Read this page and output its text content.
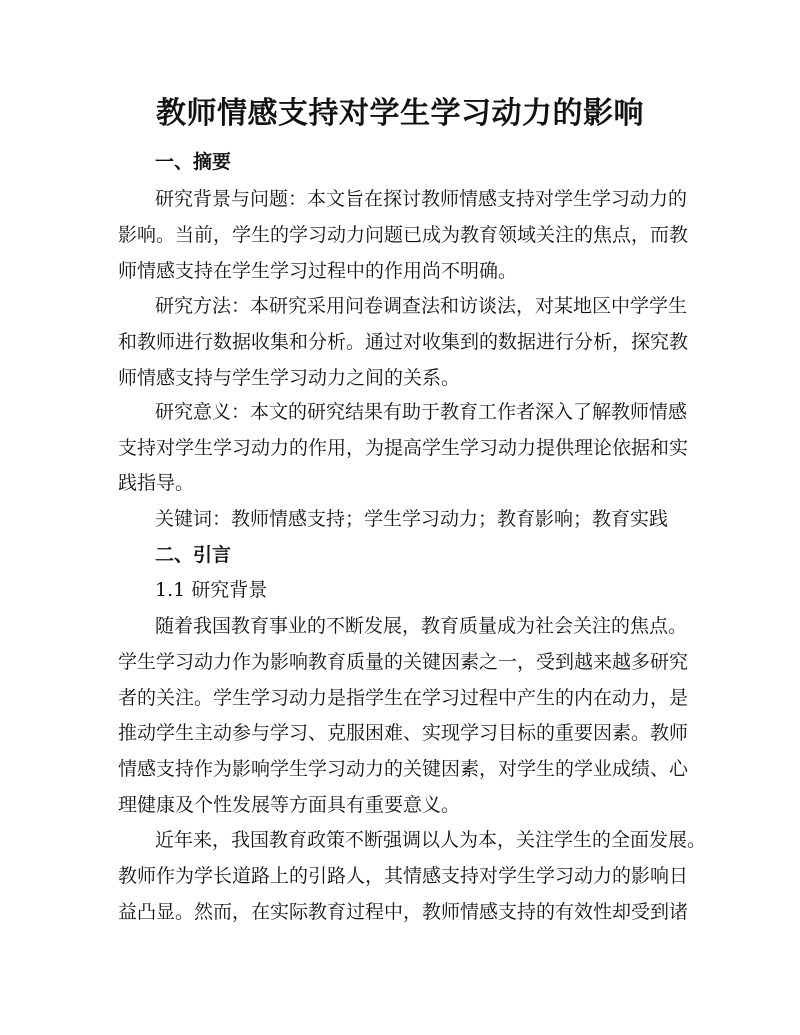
教师情感支持对学生学习动力的影响
一、摘要
研究背景与问题：本文旨在探讨教师情感支持对学生学习动力的
影响。当前，学生的学习动力问题已成为教育领域关注的焦点，而教
师情感支持在学生学习过程中的作用尚不明确。
研究方法：本研究采用问卷调查法和访谈法，对某地区中学学生
和教师进行数据收集和分析。通过对收集到的数据进行分析，探究教
师情感支持与学生学习动力之间的关系。
研究意义：本文的研究结果有助于教育工作者深入了解教师情感
支持对学生学习动力的作用，为提高学生学习动力提供理论依据和实
践指导。
关键词：教师情感支持；学生学习动力；教育影响；教育实践
二、引言
1.1 研究背景
随着我国教育事业的不断发展，教育质量成为社会关注的焦点。
学生学习动力作为影响教育质量的关键因素之一，受到越来越多研究
者的关注。学生学习动力是指学生在学习过程中产生的内在动力，是
推动学生主动参与学习、克服困难、实现学习目标的重要因素。教师
情感支持作为影响学生学习动力的关键因素，对学生的学业成绩、心
理健康及个性发展等方面具有重要意义。
近年来，我国教育政策不断强调以人为本，关注学生的全面发展。
教师作为学长道路上的引路人，其情感支持对学生学习动力的影响日
益凸显。然而，在实际教育过程中，教师情感支持的有效性却受到诸
